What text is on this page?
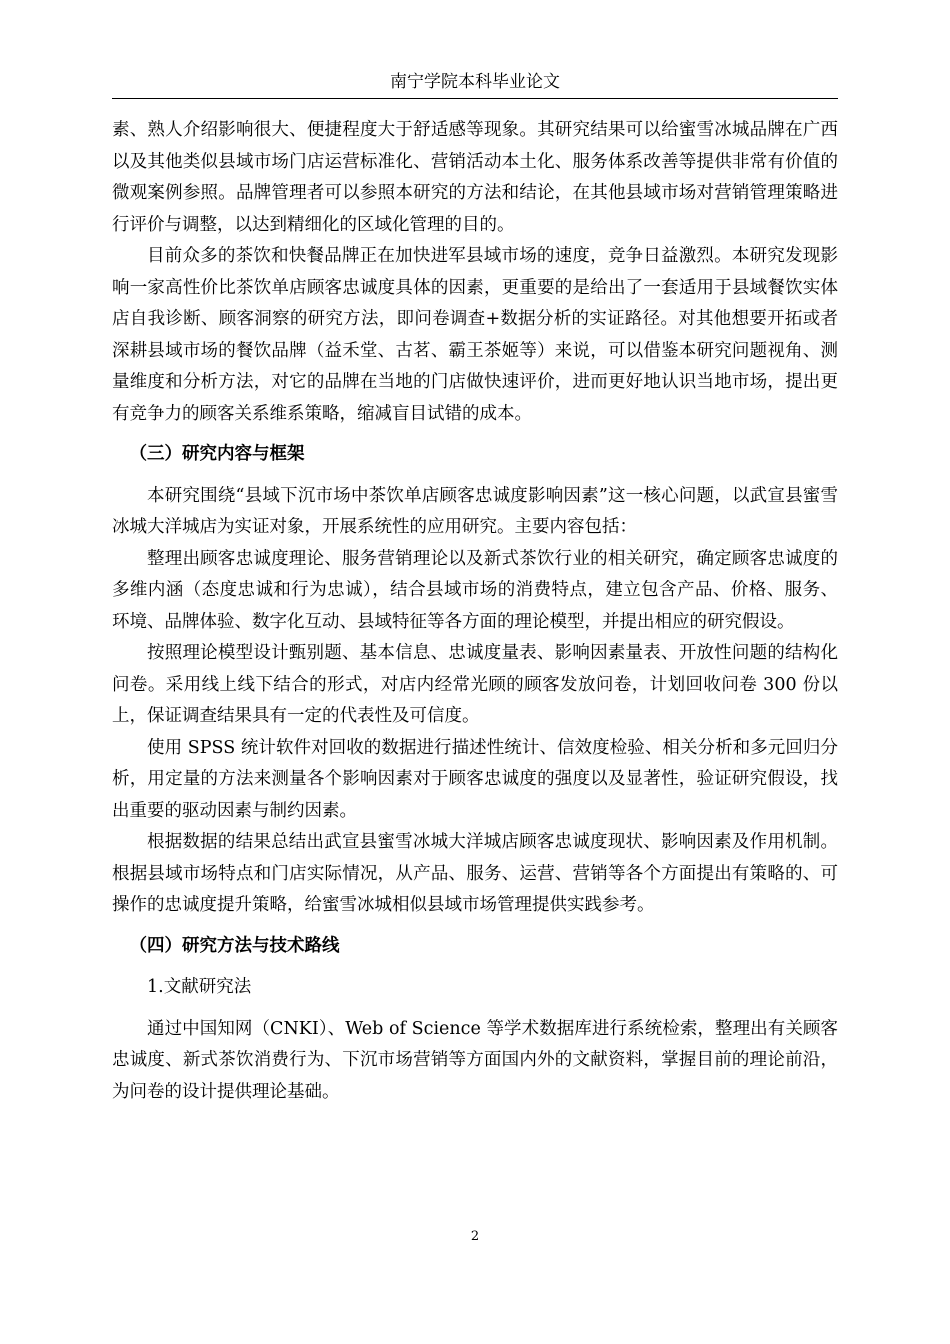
南宁学院本科毕业论文

素、熟人介绍影响很大、便捷程度大于舒适感等现象。其研究结果可以给蜜雪冰城品牌在广西以及其他类似县域市场门店运营标准化、营销活动本土化、服务体系改善等提供非常有价值的微观案例参照。品牌管理者可以参照本研究的方法和结论，在其他县域市场对营销管理策略进行评价与调整，以达到精细化的区域化管理的目的。

目前众多的茶饮和快餐品牌正在加快进军县域市场的速度，竞争日益激烈。本研究发现影响一家高性价比茶饮单店顾客忠诚度具体的因素，更重要的是给出了一套适用于县域餐饮实体店自我诊断、顾客洞察的研究方法，即问卷调查+数据分析的实证路径。对其他想要开拓或者深耕县域市场的餐饮品牌（益禾堂、古茗、霸王茶姬等）来说，可以借鉴本研究问题视角、测量维度和分析方法，对它的品牌在当地的门店做快速评价，进而更好地认识当地市场，提出更有竞争力的顾客关系维系策略，缩减盲目试错的成本。

（三）研究内容与框架

本研究围绕“县域下沉市场中茶饮单店顾客忠诚度影响因素”这一核心问题，以武宣县蜜雪冰城大洋城店为实证对象，开展系统性的应用研究。主要内容包括：

整理出顾客忠诚度理论、服务营销理论以及新式茶饮行业的相关研究，确定顾客忠诚度的多维内涵（态度忠诚和行为忠诚），结合县域市场的消费特点，建立包含产品、价格、服务、环境、品牌体验、数字化互动、县域特征等各方面的理论模型，并提出相应的研究假设。

按照理论模型设计甄别题、基本信息、忠诚度量表、影响因素量表、开放性问题的结构化问卷。采用线上线下结合的形式，对店内经常光顾的顾客发放问卷，计划回收问卷 300 份以上，保证调查结果具有一定的代表性及可信度。

使用 SPSS 统计软件对回收的数据进行描述性统计、信效度检验、相关分析和多元回归分析，用定量的方法来测量各个影响因素对于顾客忠诚度的强度以及显著性，验证研究假设，找出重要的驱动因素与制约因素。

根据数据的结果总结出武宣县蜜雪冰城大洋城店顾客忠诚度现状、影响因素及作用机制。根据县域市场特点和门店实际情况，从产品、服务、运营、营销等各个方面提出有策略的、可操作的忠诚度提升策略，给蜜雪冰城相似县域市场管理提供实践参考。

（四）研究方法与技术路线

1.文献研究法

通过中国知网（CNKI）、Web of Science 等学术数据库进行系统检索，整理出有关顾客忠诚度、新式茶饮消费行为、下沉市场营销等方面国内外的文献资料，掌握目前的理论前沿，为问卷的设计提供理论基础。

2
